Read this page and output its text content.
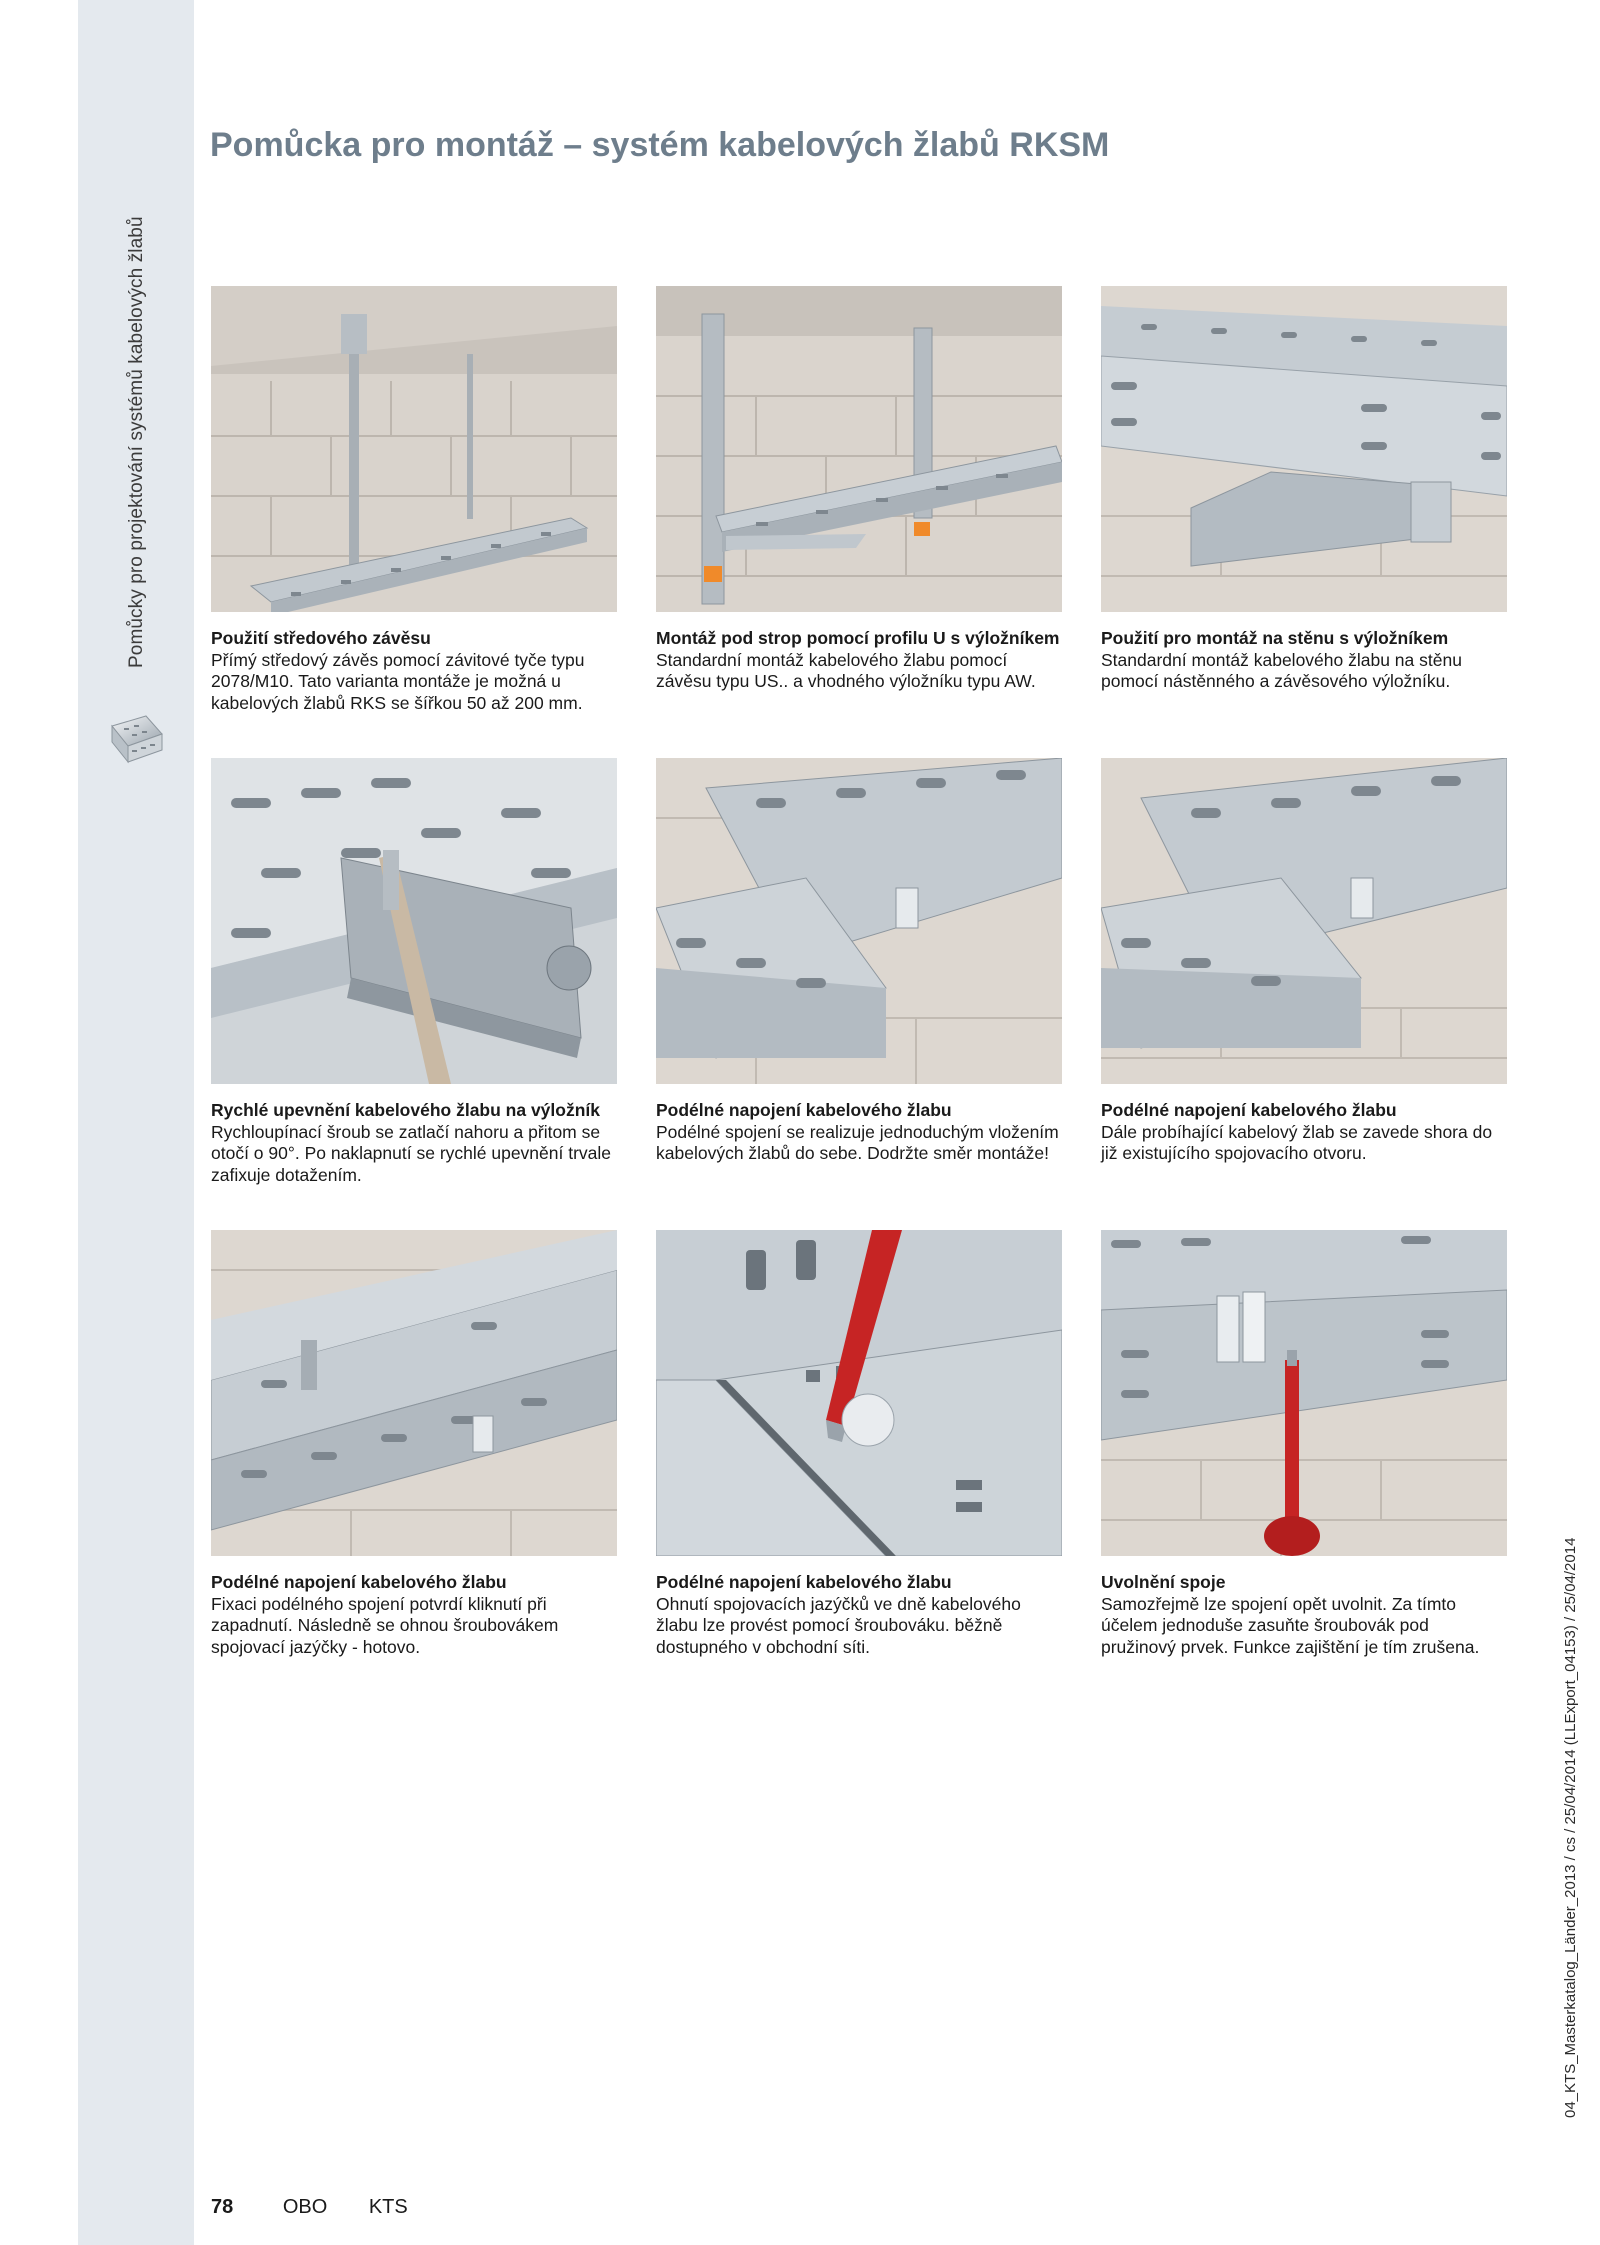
Pomůcky pro projektování systémů kabelových žlabů
Pomůcka pro montáž – systém kabelových žlabů RKSM
Použití středového závěsu
Přímý středový závěs pomocí závitové tyče typu 2078/M10. Tato varianta montáže je možná u kabelových žlabů RKS se šířkou 50 až 200 mm.
Montáž pod strop pomocí profilu U s výložníkem
Standardní montáž kabelového žlabu pomocí závěsu typu US.. a vhodného výložníku typu AW.
Použití pro montáž na stěnu s výložníkem
Standardní montáž kabelového žlabu na stěnu pomocí nástěnného a závěsového výložníku.
Rychlé upevnění kabelového žlabu na výložník
Rychloupínací šroub se zatlačí nahoru a přitom se otočí o 90°. Po naklapnutí se rychlé upevnění trvale zafixuje dotažením.
Podélné napojení kabelového žlabu
Podélné spojení se realizuje jednoduchým vložením kabelových žlabů do sebe. Dodržte směr montáže!
Podélné napojení kabelového žlabu
Dále probíhající kabelový žlab se zavede shora do již existujícího spojovacího otvoru.
Podélné napojení kabelového žlabu
Fixaci podélného spojení potvrdí kliknutí při zapadnutí. Následně se ohnou šroubovákem spojovací jazýčky - hotovo.
Podélné napojení kabelového žlabu
Ohnutí spojovacích jazýčků ve dně kabelového žlabu lze provést pomocí šroubováku. běžně dostupného v obchodní síti.
Uvolnění spoje
Samozřejmě lze spojení opět uvolnit. Za tímto účelem jednoduše zasuňte šroubovák pod pružinový prvek. Funkce zajištění je tím zrušena.
78 OBO KTS
04_KTS_Masterkatalog_Länder_2013 / cs / 25/04/2014 (LLExport_04153) / 25/04/2014
